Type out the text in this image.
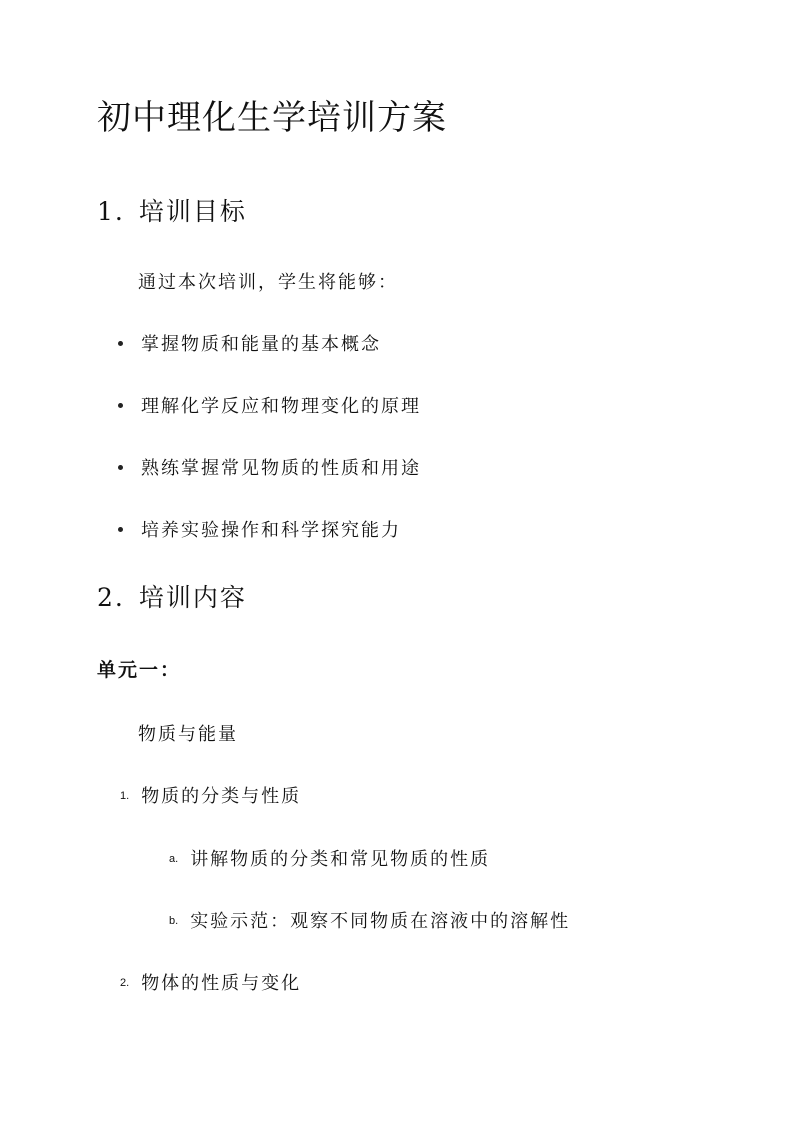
初中理化生学培训方案
1. 培训目标
通过本次培训，学生将能够：
掌握物质和能量的基本概念
理解化学反应和物理变化的原理
熟练掌握常见物质的性质和用途
培养实验操作和科学探究能力
2. 培训内容
单元一：
物质与能量
1. 物质的分类与性质
a. 讲解物质的分类和常见物质的性质
b. 实验示范：观察不同物质在溶液中的溶解性
2. 物体的性质与变化
